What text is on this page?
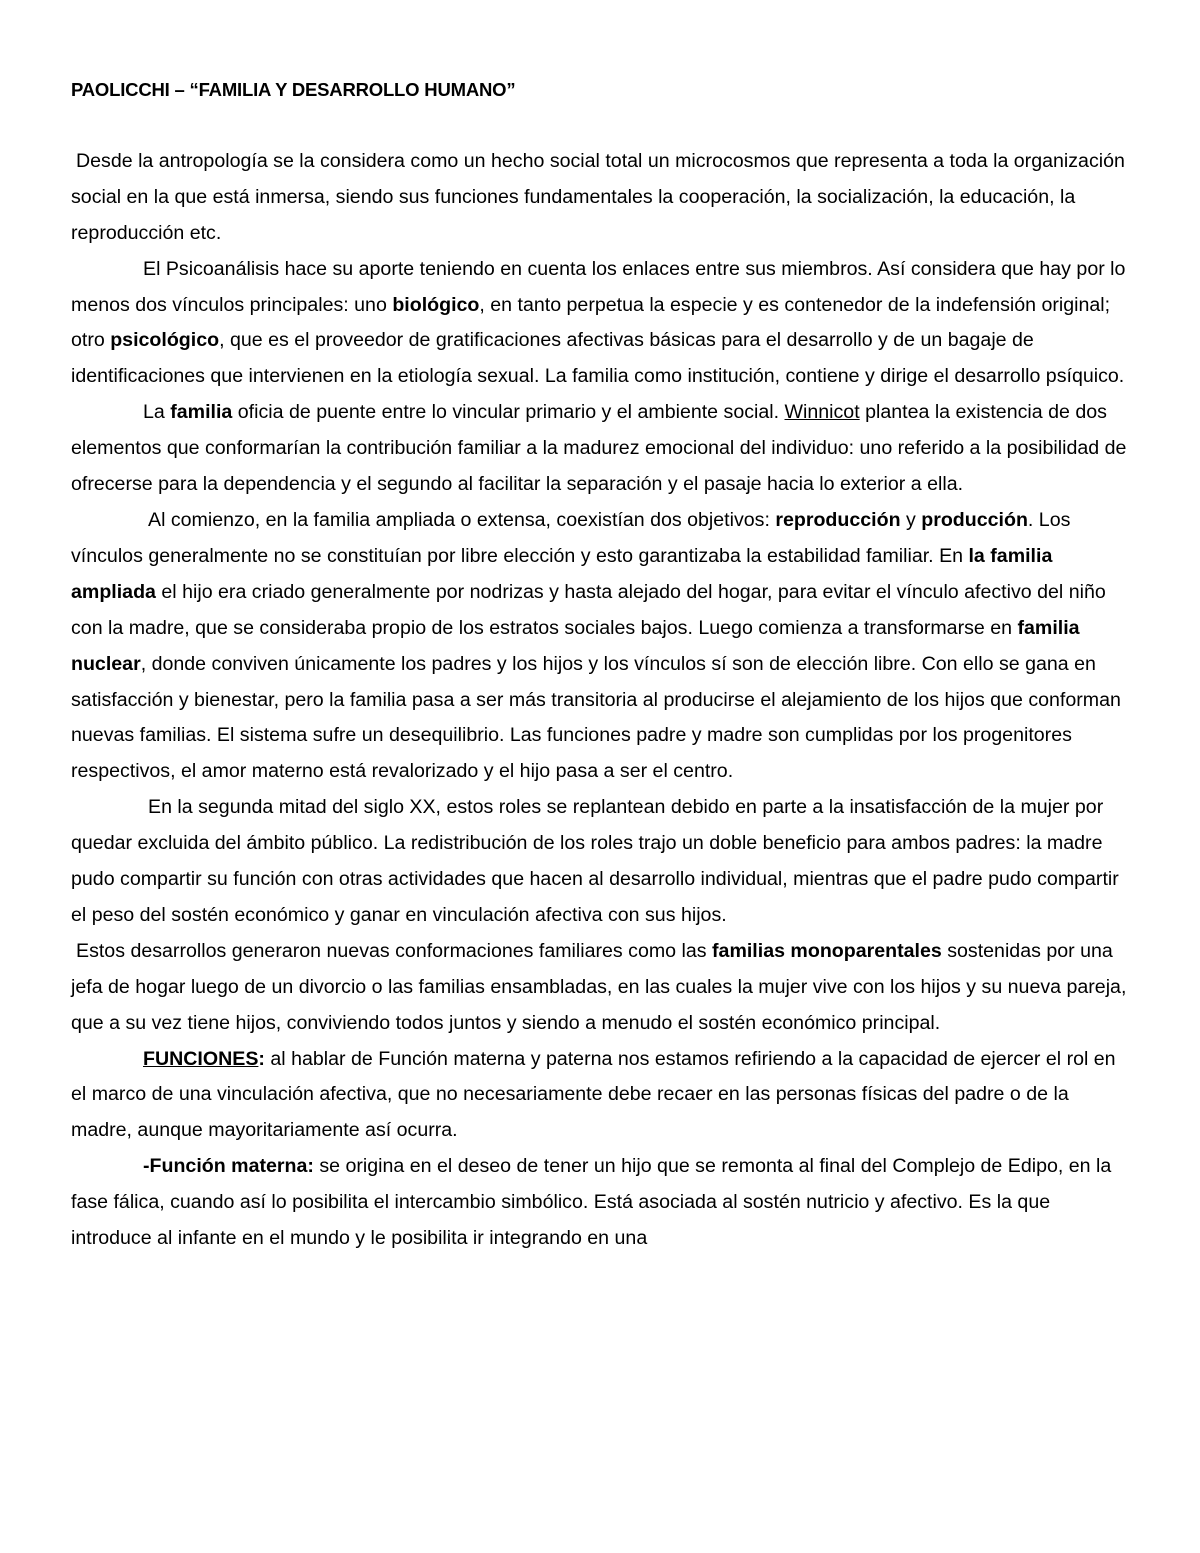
PAOLICCHI – “FAMILIA Y DESARROLLO HUMANO”

Desde la antropología se la considera como un hecho social total un microcosmos que representa a toda la organización social en la que está inmersa, siendo sus funciones fundamentales la cooperación, la socialización, la educación, la reproducción etc.

El Psicoanálisis hace su aporte teniendo en cuenta los enlaces entre sus miembros. Así considera que hay por lo menos dos vínculos principales: uno biológico, en tanto perpetua la especie y es contenedor de la indefensión original; otro psicológico, que es el proveedor de gratificaciones afectivas básicas para el desarrollo y de un bagaje de identificaciones que intervienen en la etiología sexual. La familia como institución, contiene y dirige el desarrollo psíquico.

La familia oficia de puente entre lo vincular primario y el ambiente social. Winnicot plantea la existencia de dos elementos que conformarían la contribución familiar a la madurez emocional del individuo: uno referido a la posibilidad de ofrecerse para la dependencia y el segundo al facilitar la separación y el pasaje hacia lo exterior a ella.

Al comienzo, en la familia ampliada o extensa, coexistían dos objetivos: reproducción y producción. Los vínculos generalmente no se constituían por libre elección y esto garantizaba la estabilidad familiar. En la familia ampliada el hijo era criado generalmente por nodrizas y hasta alejado del hogar, para evitar el vínculo afectivo del niño con la madre, que se consideraba propio de los estratos sociales bajos. Luego comienza a transformarse en familia nuclear, donde conviven únicamente los padres y los hijos y los vínculos sí son de elección libre. Con ello se gana en satisfacción y bienestar, pero la familia pasa a ser más transitoria al producirse el alejamiento de los hijos que conforman nuevas familias. El sistema sufre un desequilibrio. Las funciones padre y madre son cumplidas por los progenitores respectivos, el amor materno está revalorizado y el hijo pasa a ser el centro.

En la segunda mitad del siglo XX, estos roles se replantean debido en parte a la insatisfacción de la mujer por quedar excluida del ámbito público. La redistribución de los roles trajo un doble beneficio para ambos padres: la madre pudo compartir su función con otras actividades que hacen al desarrollo individual, mientras que el padre pudo compartir el peso del sostén económico y ganar en vinculación afectiva con sus hijos.

Estos desarrollos generaron nuevas conformaciones familiares como las familias monoparentales sostenidas por una jefa de hogar luego de un divorcio o las familias ensambladas, en las cuales la mujer vive con los hijos y su nueva pareja, que a su vez tiene hijos, conviviendo todos juntos y siendo a menudo el sostén económico principal.

FUNCIONES: al hablar de Función materna y paterna nos estamos refiriendo a la capacidad de ejercer el rol en el marco de una vinculación afectiva, que no necesariamente debe recaer en las personas físicas del padre o de la madre, aunque mayoritariamente así ocurra.

-Función materna: se origina en el deseo de tener un hijo que se remonta al final del Complejo de Edipo, en la fase fálica, cuando así lo posibilita el intercambio simbólico. Está asociada al sostén nutricio y afectivo. Es la que introduce al infante en el mundo y le posibilita ir integrando en una
